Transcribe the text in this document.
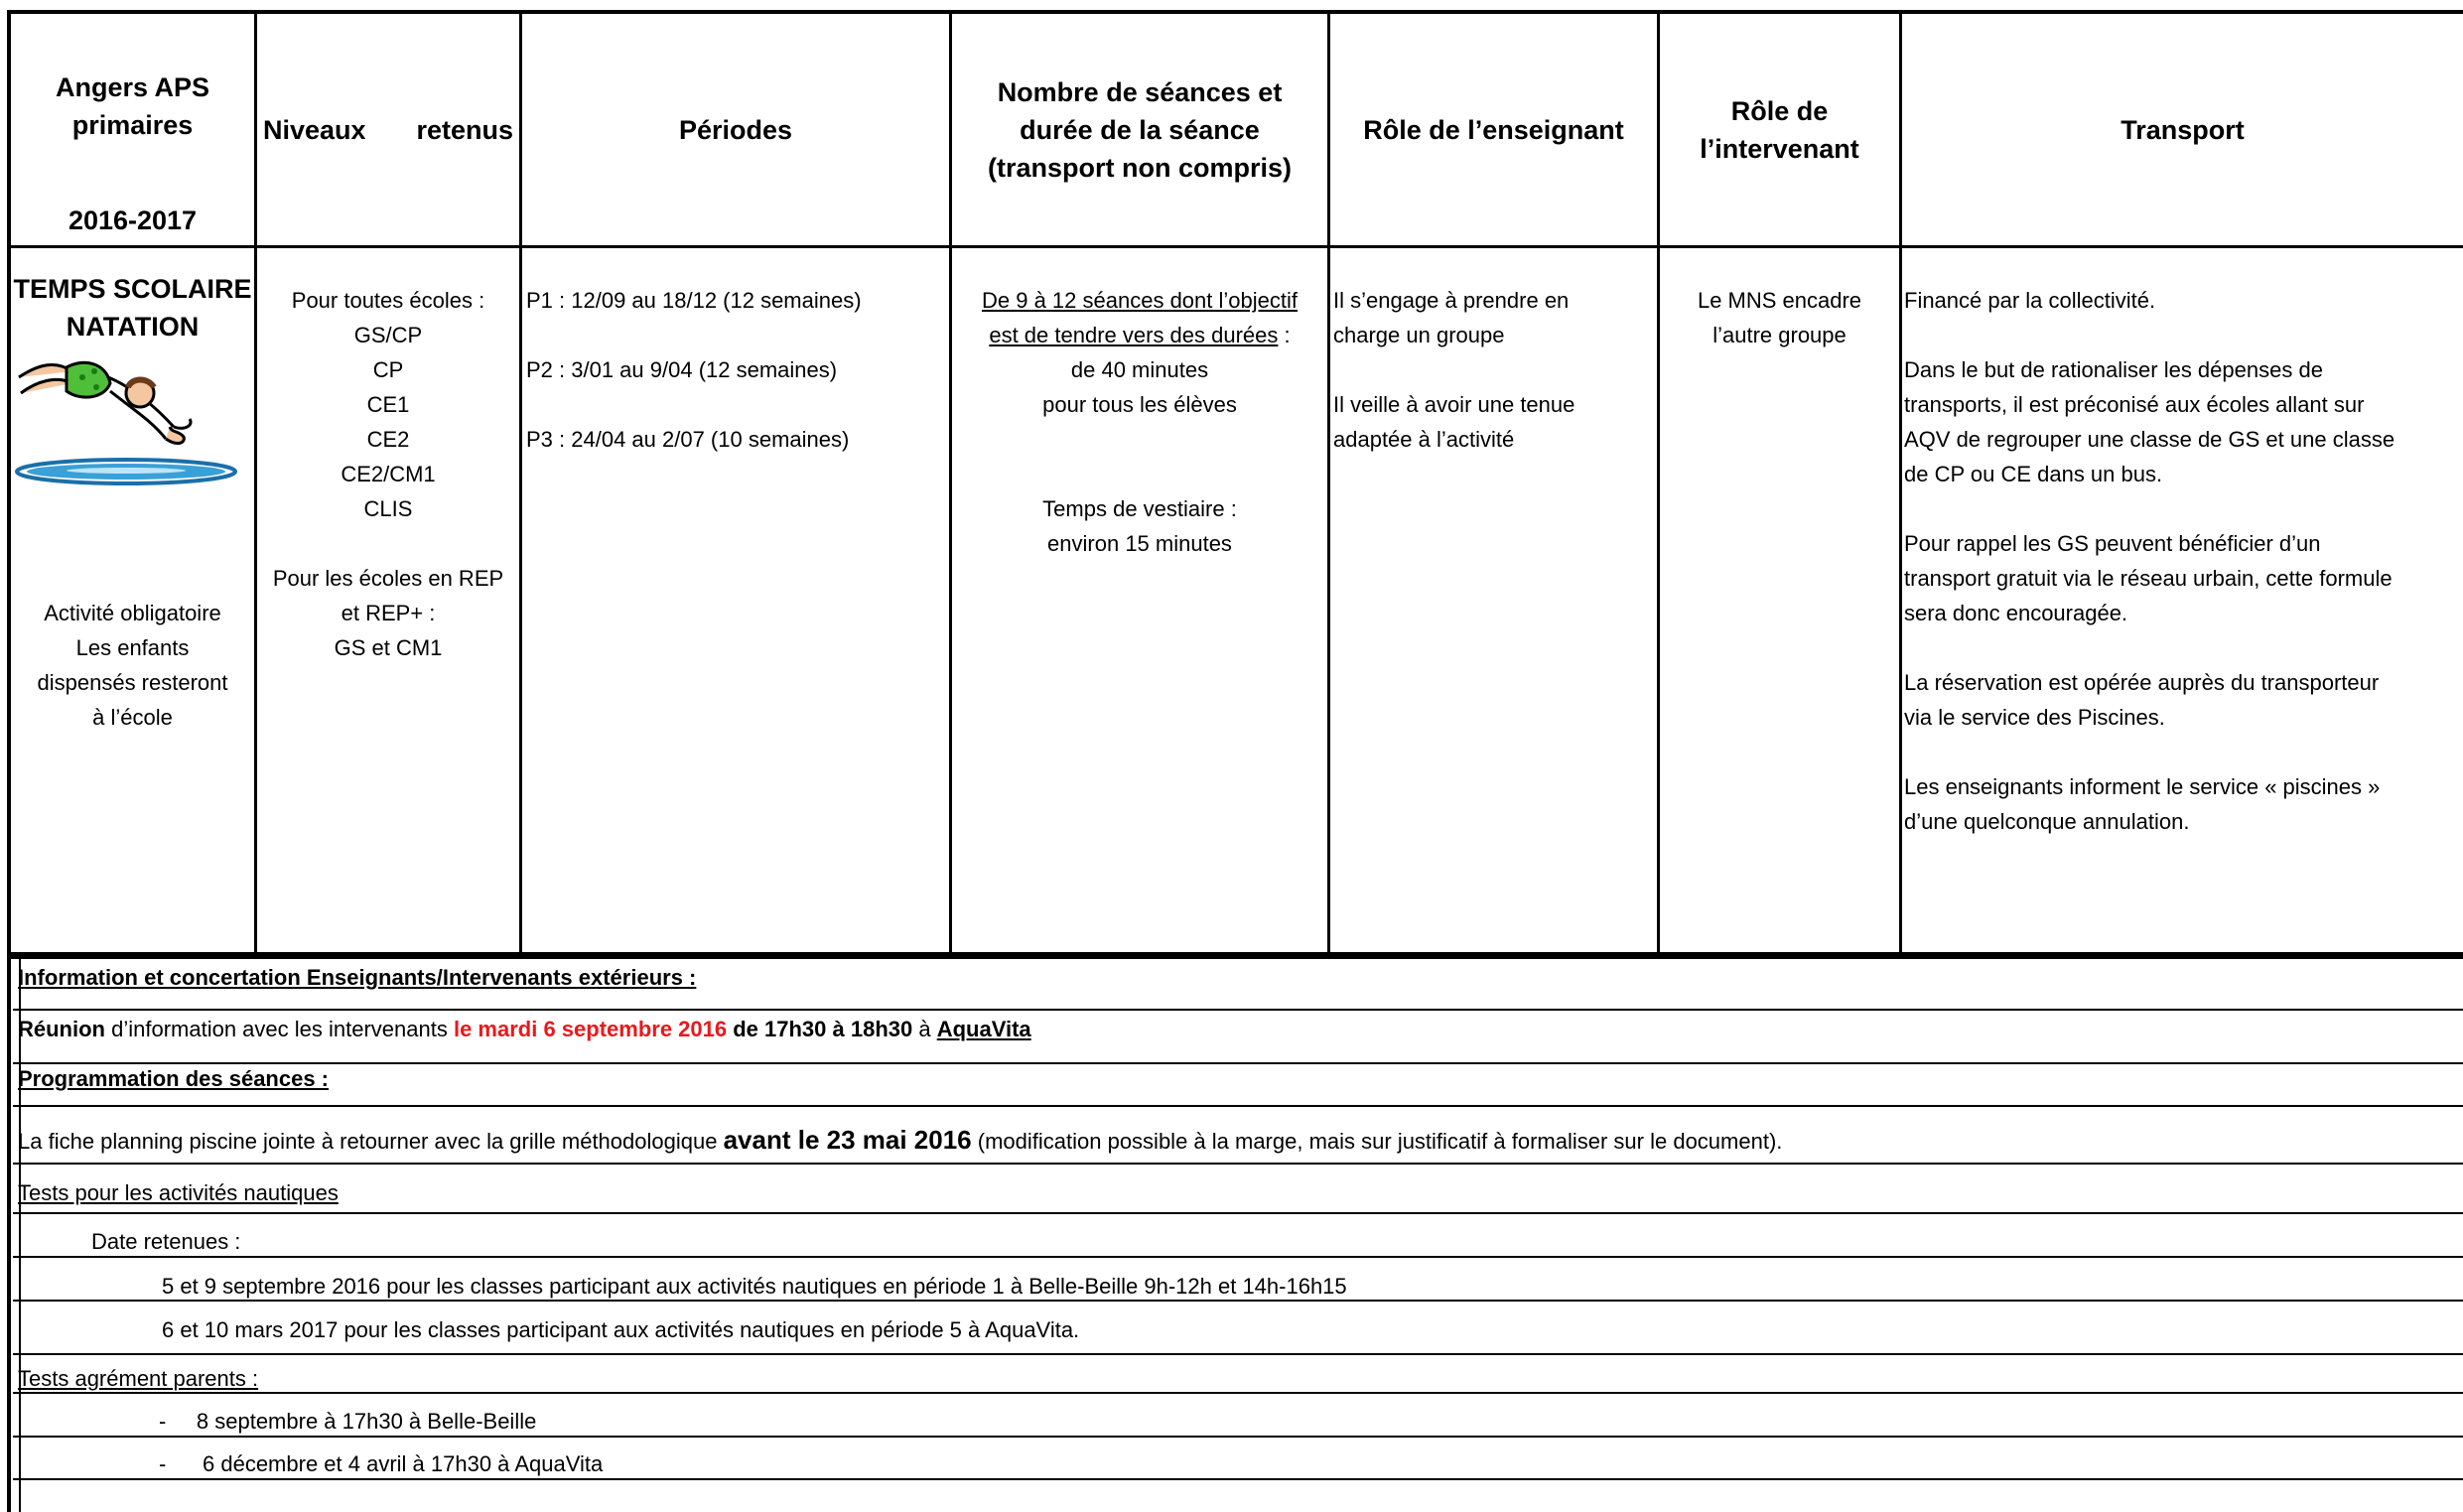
Angers APS
primaires
2016-2017
Niveaux retenus	Périodes
Nombre de séances et
durée de la séance
(transport non compris)
Rôle de l’enseignant
Rôle de
l’intervenant
Transport
TEMPS SCOLAIRE
NATATION
Activité obligatoire
Les enfants
dispensés resteront
à l’école
Pour toutes écoles :
GS/CP
CP
CE1
CE2
CE2/CM1
CLIS
Pour les écoles en REP
et REP+ :
GS et CM1
P1 : 12/09 au 18/12 (12 semaines)
P2 : 3/01 au 9/04 (12 semaines)
P3 : 24/04 au 2/07 (10 semaines)
De 9 à 12 séances dont l’objectif
est de tendre vers des durées :
de 40 minutes
pour tous les élèves
Temps de vestiaire :
environ 15 minutes
Il s’engage à prendre en
charge un groupe
Il veille à avoir une tenue
adaptée à l’activité
Le MNS encadre
l’autre groupe
Financé par la collectivité.
Dans le but de rationaliser les dépenses de
transports, il est préconisé aux écoles allant sur
AQV de regrouper une classe de GS et une classe
de CP ou CE dans un bus.
Pour rappel les GS peuvent bénéficier d’un
transport gratuit via le réseau urbain, cette formule
sera donc encouragée.
La réservation est opérée auprès du transporteur
via le service des Piscines.
Les enseignants informent le service « piscines »
d’une quelconque annulation.
Information et concertation Enseignants/Intervenants extérieurs :
Réunion d’information avec les intervenants le mardi 6 septembre 2016 de 17h30 à 18h30 à AquaVita
Programmation des séances :
La fiche planning piscine jointe à retourner avec la grille méthodologique avant le 23 mai 2016 (modification possible à la marge, mais sur justificatif à formaliser sur le document).
Tests pour les activités nautiques
Date retenues :
5 et 9 septembre 2016 pour les classes participant aux activités nautiques en période 1 à Belle-Beille 9h-12h et 14h-16h15
6 et 10 mars 2017 pour les classes participant aux activités nautiques en période 5 à AquaVita.
Tests agrément parents :
-     8 septembre à 17h30 à Belle-Beille
-      6 décembre et 4 avril à 17h30 à AquaVita
